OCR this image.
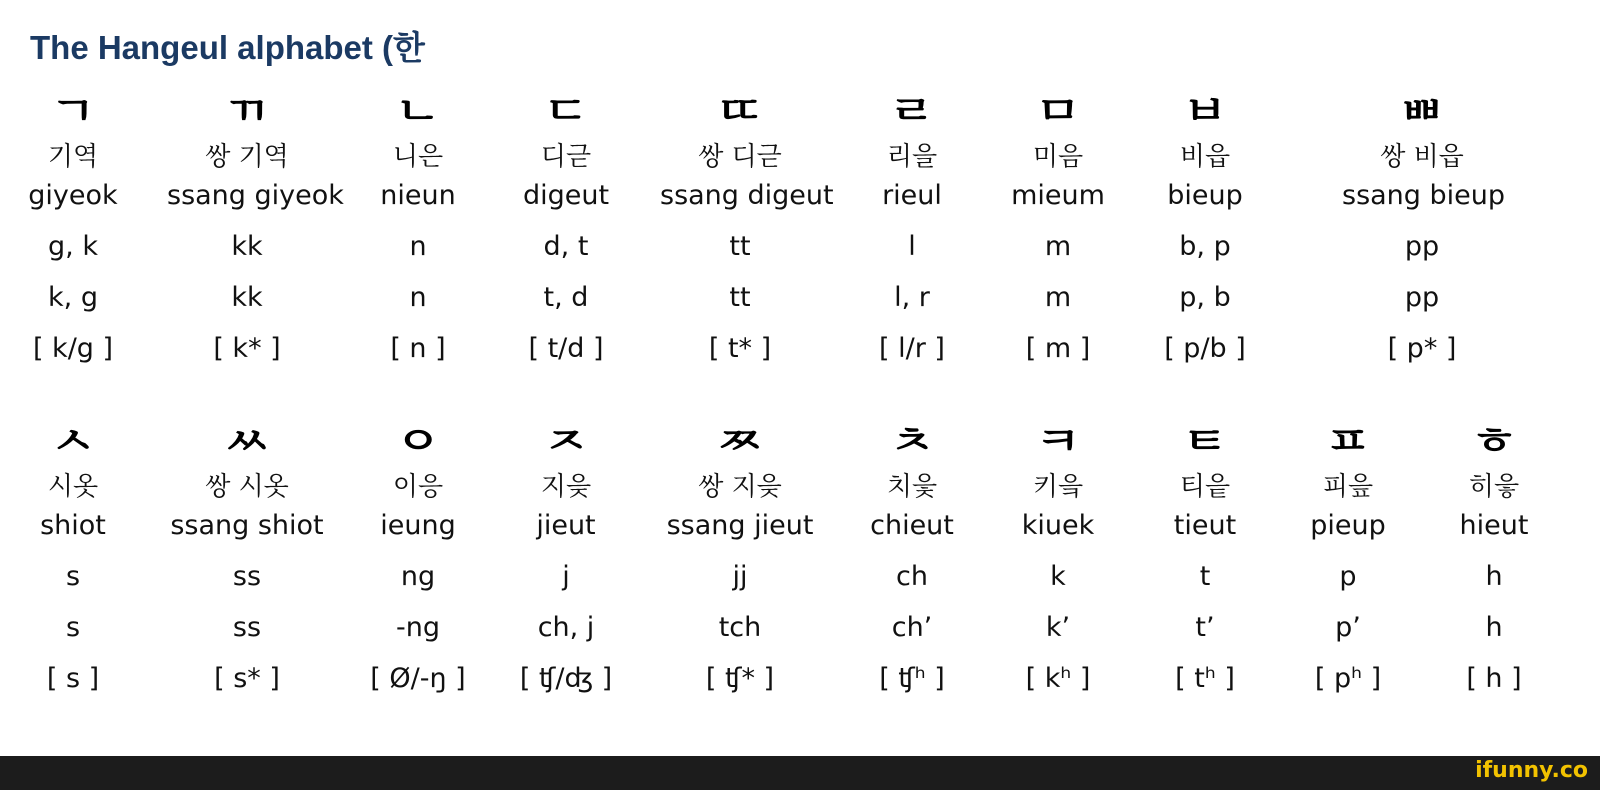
The Hangeul alphabet (한
ㄱ
기역
giyeok
g, k
k, g
[ k/g ]
ㄲ
쌍 기역
ssang giyeok
kk
kk
[ k* ]
ㄴ
니은
nieun
n
n
[ n ]
ㄷ
디귿
digeut
d, t
t, d
[ t/d ]
ㄸ
쌍 디귿
ssang digeut
tt
tt
[ t* ]
ㄹ
리을
rieul
l
l, r
[ l/r ]
ㅁ
미음
mieum
m
m
[ m ]
ㅂ
비읍
bieup
b, p
p, b
[ p/b ]
ㅃ
쌍 비읍
ssang bieup
pp
pp
[ p* ]
ㅅ
시옷
shiot
s
s
[ s ]
ㅆ
쌍 시옷
ssang shiot
ss
ss
[ s* ]
ㅇ
이응
ieung
ng
-ng
[ Ø/-ŋ ]
ㅈ
지읒
jieut
j
ch, j
[ ʧ/ʤ ]
ㅉ
쌍 지읒
ssang jieut
jj
tch
[ ʧ* ]
ㅊ
치읓
chieut
ch
ch’
[ ʧʰ ]
ㅋ
키읔
kiuek
k
k’
[ kʰ ]
ㅌ
티읕
tieut
t
t’
[ tʰ ]
ㅍ
피읖
pieup
p
p’
[ pʰ ]
ㅎ
히읗
hieut
h
h
[ h ]
ifunny.co
